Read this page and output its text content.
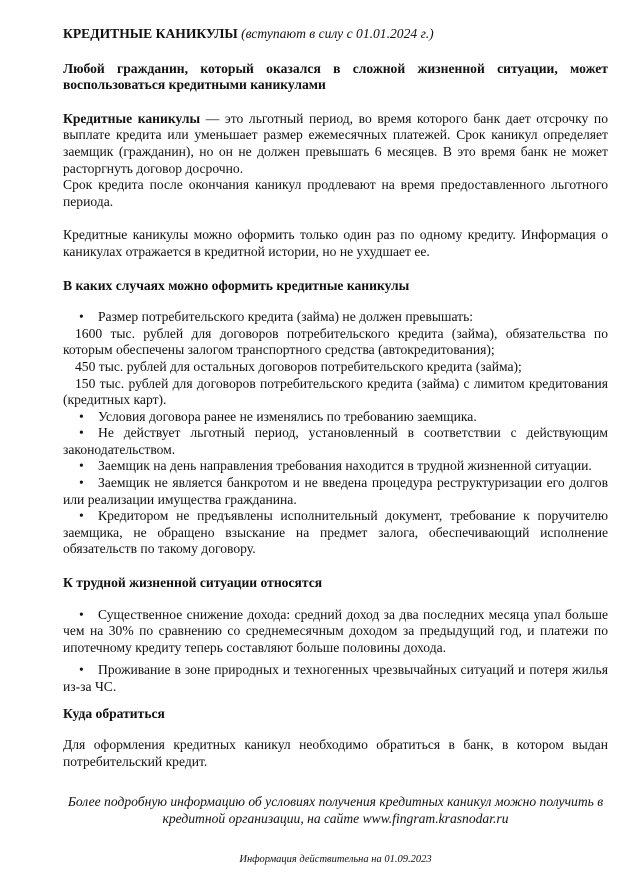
КРЕДИТНЫЕ КАНИКУЛЫ (вступают в силу с 01.01.2024 г.)

Любой гражданин, который оказался в сложной жизненной ситуации, может воспользоваться кредитными каникулами

Кредитные каникулы — это льготный период, во время которого банк дает отсрочку по выплате кредита или уменьшает размер ежемесячных платежей. Срок каникул определяет заемщик (гражданин), но он не должен превышать 6 месяцев. В это время банк не может расторгнуть договор досрочно.

Срок кредита после окончания каникул продлевают на время предоставленного льготного периода.

Кредитные каникулы можно оформить только один раз по одному кредиту. Информация о каникулах отражается в кредитной истории, но не ухудшает ее.

В каких случаях можно оформить кредитные каникулы

• Размер потребительского кредита (займа) не должен превышать:

1600 тыс. рублей для договоров потребительского кредита (займа), обязательства по которым обеспечены залогом транспортного средства (автокредитования);

450 тыс. рублей для остальных договоров потребительского кредита (займа);

150 тыс. рублей для договоров потребительского кредита (займа) с лимитом кредитования (кредитных карт).

• Условия договора ранее не изменялись по требованию заемщика.

• Не действует льготный период, установленный в соответствии с действующим законодательством.

• Заемщик на день направления требования находится в трудной жизненной ситуации.

• Заемщик не является банкротом и не введена процедура реструктуризации его долгов или реализации имущества гражданина.

• Кредитором не предъявлены исполнительный документ, требование к поручителю заемщика, не обращено взыскание на предмет залога, обеспечивающий исполнение обязательств по такому договору.

К трудной жизненной ситуации относятся

• Существенное снижение дохода: средний доход за два последних месяца упал больше чем на 30% по сравнению со среднемесячным доходом за предыдущий год, и платежи по ипотечному кредиту теперь составляют больше половины дохода.

• Проживание в зоне природных и техногенных чрезвычайных ситуаций и потеря жилья из-за ЧС.

Куда обратиться

Для оформления кредитных каникул необходимо обратиться в банк, в котором выдан потребительский кредит.

Более подробную информацию об условиях получения кредитных каникул можно получить в кредитной организации, на сайте www.fingram.krasnodar.ru

Информация действительна на 01.09.2023
